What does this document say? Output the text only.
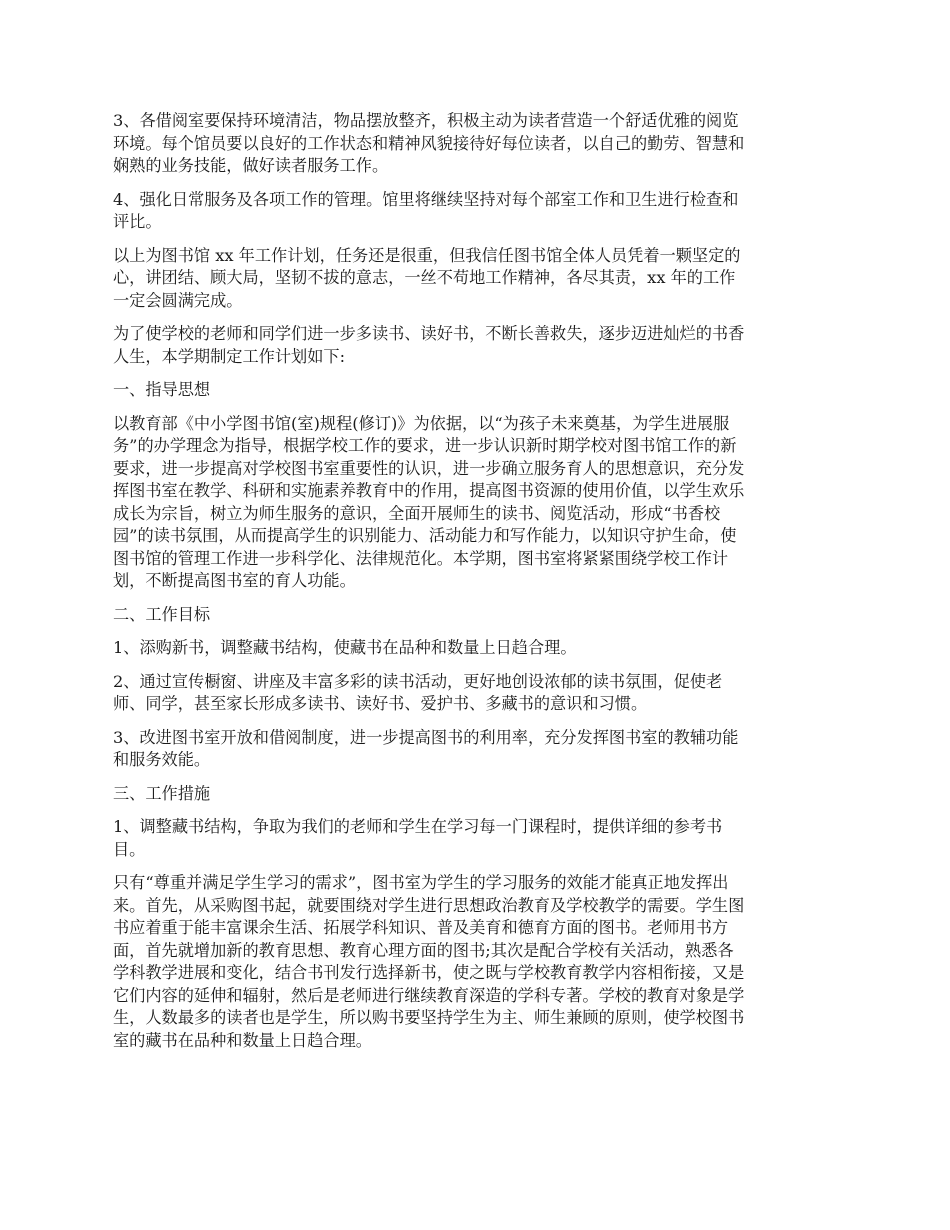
3、各借阅室要保持环境清洁，物品摆放整齐，积极主动为读者营造一个舒适优雅的阅览
环境。每个馆员要以良好的工作状态和精神风貌接待好每位读者，以自己的勤劳、智慧和
娴熟的业务技能，做好读者服务工作。

4、强化日常服务及各项工作的管理。馆里将继续坚持对每个部室工作和卫生进行检查和
评比。

以上为图书馆 xx 年工作计划，任务还是很重，但我信任图书馆全体人员凭着一颗坚定的
心，讲团结、顾大局，坚韧不拔的意志，一丝不苟地工作精神，各尽其责，xx 年的工作
一定会圆满完成。

为了使学校的老师和同学们进一步多读书、读好书，不断长善救失，逐步迈进灿烂的书香
人生，本学期制定工作计划如下:

一、指导思想

以教育部《中小学图书馆(室)规程(修订)》为依据，以“为孩子未来奠基，为学生进展服
务”的办学理念为指导，根据学校工作的要求，进一步认识新时期学校对图书馆工作的新
要求，进一步提高对学校图书室重要性的认识，进一步确立服务育人的思想意识，充分发
挥图书室在教学、科研和实施素养教育中的作用，提高图书资源的使用价值，以学生欢乐
成长为宗旨，树立为师生服务的意识，全面开展师生的读书、阅览活动，形成“书香校
园”的读书氛围，从而提高学生的识别能力、活动能力和写作能力，以知识守护生命，使
图书馆的管理工作进一步科学化、法律规范化。本学期，图书室将紧紧围绕学校工作计
划，不断提高图书室的育人功能。

二、工作目标

1、添购新书，调整藏书结构，使藏书在品种和数量上日趋合理。

2、通过宣传橱窗、讲座及丰富多彩的读书活动，更好地创设浓郁的读书氛围，促使老
师、同学，甚至家长形成多读书、读好书、爱护书、多藏书的意识和习惯。

3、改进图书室开放和借阅制度，进一步提高图书的利用率，充分发挥图书室的教辅功能
和服务效能。

三、工作措施

1、调整藏书结构，争取为我们的老师和学生在学习每一门课程时，提供详细的参考书
目。

只有“尊重并满足学生学习的需求”，图书室为学生的学习服务的效能才能真正地发挥出
来。首先，从采购图书起，就要围绕对学生进行思想政治教育及学校教学的需要。学生图
书应着重于能丰富课余生活、拓展学科知识、普及美育和德育方面的图书。老师用书方
面，首先就增加新的教育思想、教育心理方面的图书;其次是配合学校有关活动，熟悉各
学科教学进展和变化，结合书刊发行选择新书，使之既与学校教育教学内容相衔接，又是
它们内容的延伸和辐射，然后是老师进行继续教育深造的学科专著。学校的教育对象是学
生，人数最多的读者也是学生，所以购书要坚持学生为主、师生兼顾的原则，使学校图书
室的藏书在品种和数量上日趋合理。
